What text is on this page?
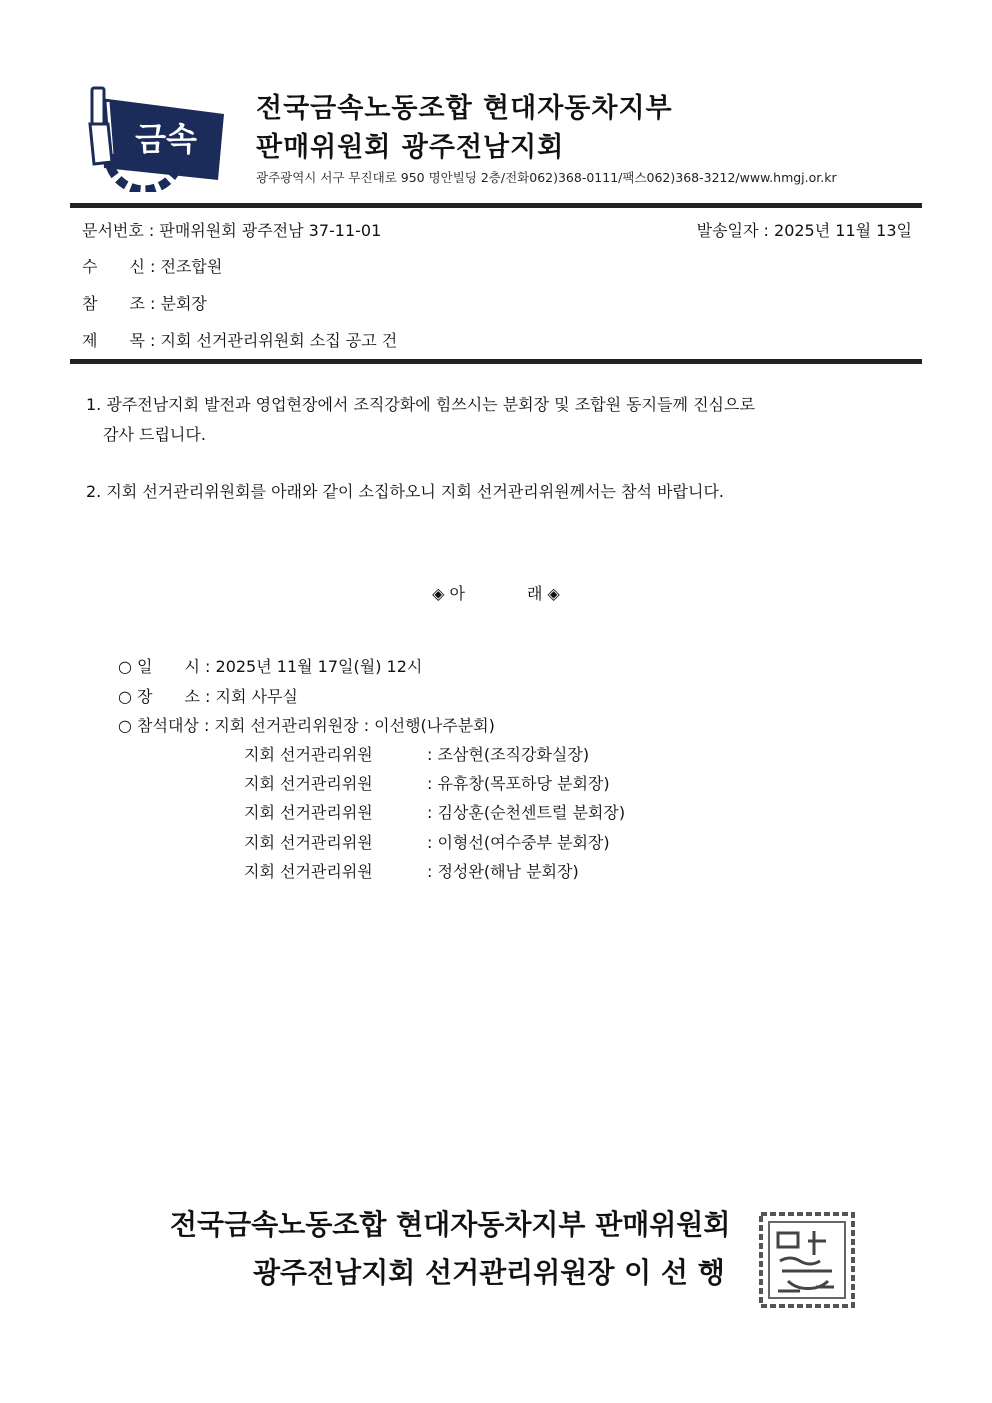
금속
전국금속노동조합 현대자동차지부
판매위원회 광주전남지회
광주광역시 서구 무진대로 950 명안빌딩 2층/전화062)368-0111/팩스062)368-3212/www.hmgj.or.kr
문서번호 : 판매위원회 광주전남 37-11-01	발송일자 : 2025년 11월 13일
수　　신 : 전조합원
참　　조 : 분회장
제　　목 : 지회 선거관리위원회 소집 공고 건
1. 광주전남지회 발전과 영업현장에서 조직강화에 힘쓰시는 분회장 및 조합원 동지들께 진심으로
감사 드립니다.
2. 지회 선거관리위원회를 아래와 같이 소집하오니 지회 선거관리위원께서는 참석 바랍니다.
◈ 아	래 ◈
○ 일　　시 : 2025년 11월 17일(월) 12시
○ 장　　소 : 지회 사무실
○ 참석대상 : 지회 선거관리위원장 : 이선행(나주분회)
지회 선거관리위원	: 조삼현(조직강화실장)
지회 선거관리위원	: 유휴창(목포하당 분회장)
지회 선거관리위원	: 김상훈(순천센트럴 분회장)
지회 선거관리위원	: 이형선(여수중부 분회장)
지회 선거관리위원	: 정성완(해남 분회장)
전국금속노동조합 현대자동차지부 판매위원회
광주전남지회 선거관리위원장 이 선 행
